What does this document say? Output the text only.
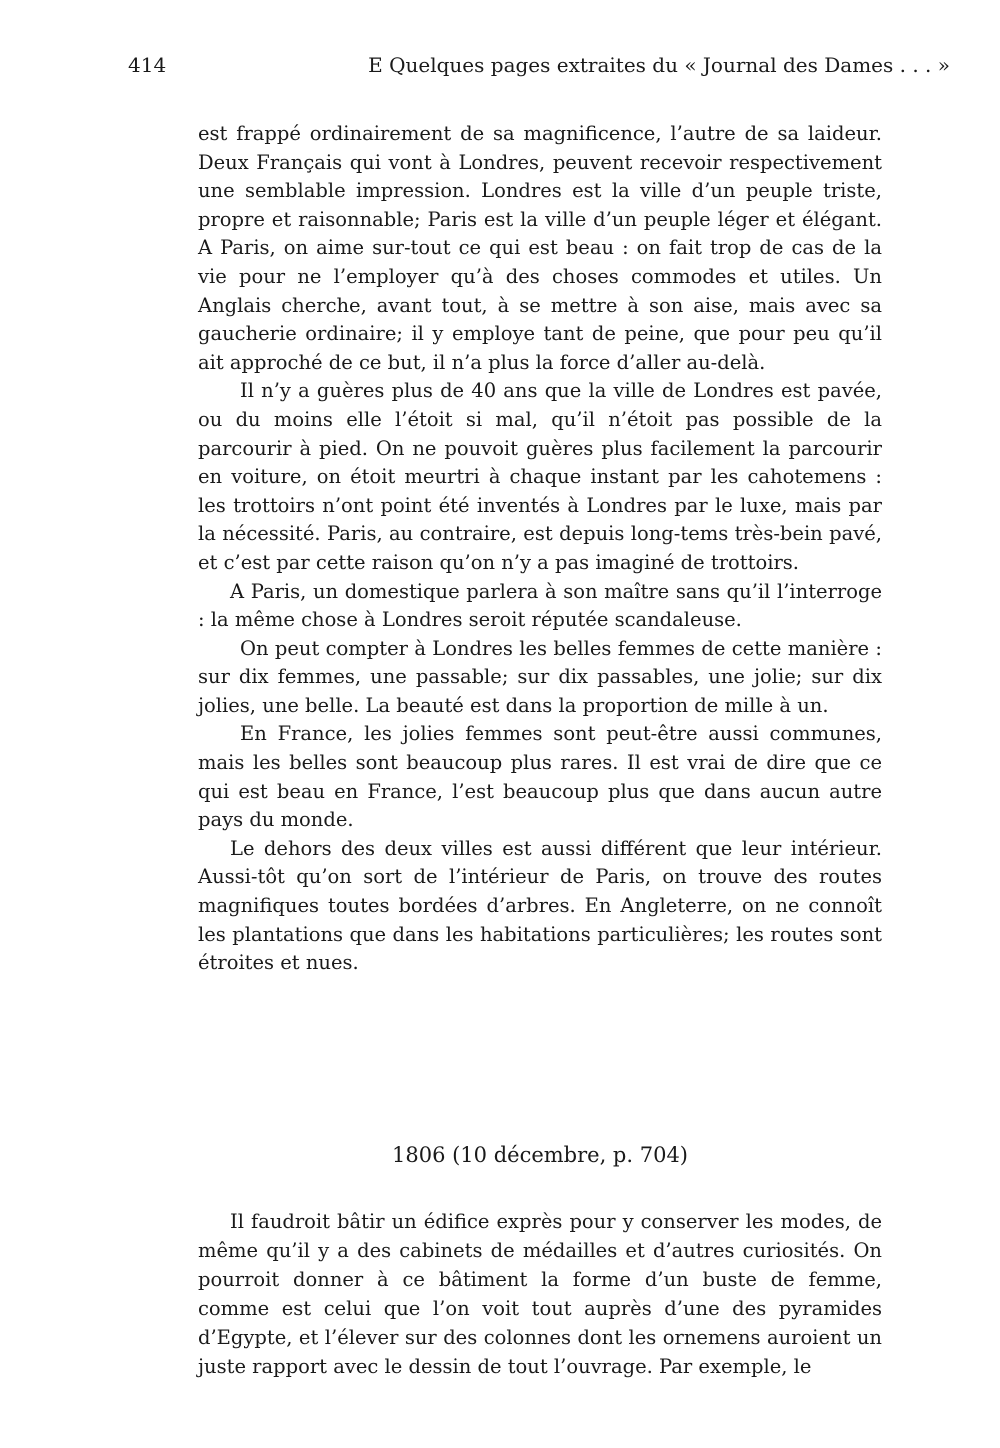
414	E Quelques pages extraites du « Journal des Dames . . . »

est frappé ordinairement de sa magnificence, l’autre de sa laideur. Deux Français qui vont à Londres, peuvent recevoir respectivement une semblable impression. Londres est la ville d’un peuple triste, propre et raisonnable; Paris est la ville d’un peuple léger et élégant. A Paris, on aime sur-tout ce qui est beau : on fait trop de cas de la vie pour ne l’employer qu’à des choses commodes et utiles. Un Anglais cherche, avant tout, à se mettre à son aise, mais avec sa gaucherie ordinaire; il y employe tant de peine, que pour peu qu’il ait approché de ce but, il n’a plus la force d’aller au-delà.

Il n’y a guères plus de 40 ans que la ville de Londres est pavée, ou du moins elle l’étoit si mal, qu’il n’étoit pas possible de la parcourir à pied. On ne pouvoit guères plus facilement la parcourir en voiture, on étoit meurtri à chaque instant par les cahotemens : les trottoirs n’ont point été inventés à Londres par le luxe, mais par la nécessité. Paris, au contraire, est depuis long-tems très-bein pavé, et c’est par cette raison qu’on n’y a pas imaginé de trottoirs.

A Paris, un domestique parlera à son maître sans qu’il l’interroge : la même chose à Londres seroit réputée scandaleuse.

On peut compter à Londres les belles femmes de cette manière : sur dix femmes, une passable; sur dix passables, une jolie; sur dix jolies, une belle. La beauté est dans la proportion de mille à un.

En France, les jolies femmes sont peut-être aussi communes, mais les belles sont beaucoup plus rares. Il est vrai de dire que ce qui est beau en France, l’est beaucoup plus que dans aucun autre pays du monde.

Le dehors des deux villes est aussi différent que leur intérieur. Aussi-tôt qu’on sort de l’intérieur de Paris, on trouve des routes magnifiques toutes bordées d’arbres. En Angleterre, on ne connoît les plantations que dans les habitations particulières; les routes sont étroites et nues.

1806 (10 décembre, p. 704)

Il faudroit bâtir un édifice exprès pour y conserver les modes, de même qu’il y a des cabinets de médailles et d’autres curiosités. On pourroit donner à ce bâtiment la forme d’un buste de femme, comme est celui que l’on voit tout auprès d’une des pyramides d’Egypte, et l’élever sur des colonnes dont les ornemens auroient un juste rapport avec le dessin de tout l’ouvrage. Par exemple, le
